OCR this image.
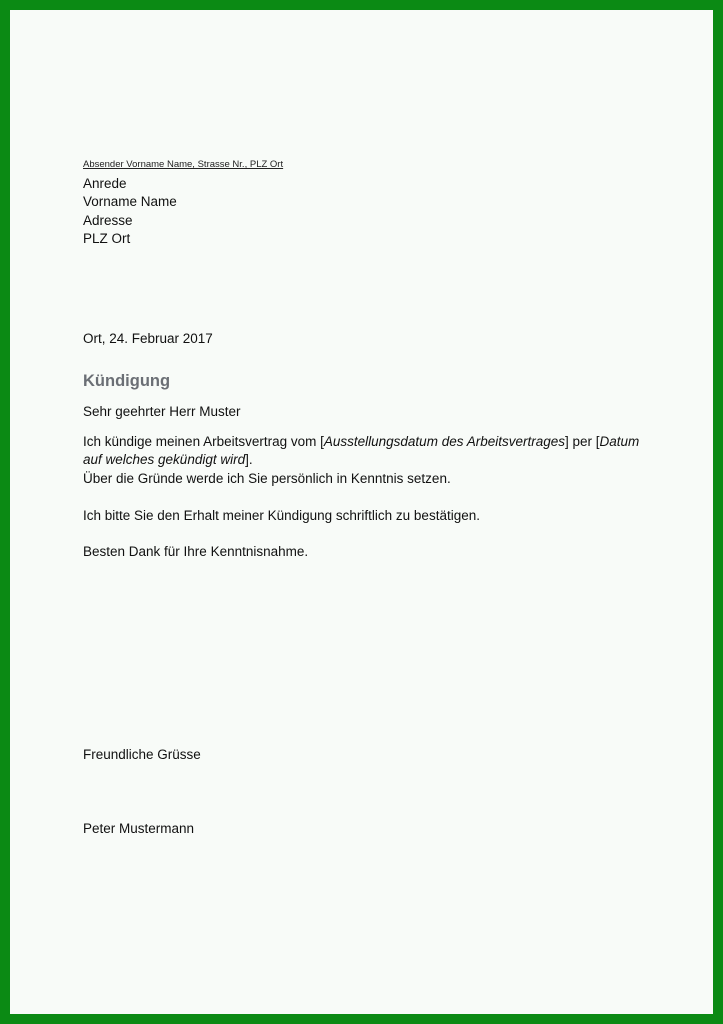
Absender Vorname Name, Strasse Nr., PLZ Ort
Anrede
Vorname Name
Adresse
PLZ Ort
Ort, 24. Februar 2017
Kündigung
Sehr geehrter Herr Muster
Ich kündige meinen Arbeitsvertrag vom [Ausstellungsdatum des Arbeitsvertrages] per [Datum
auf welches gekündigt wird].
Über die Gründe werde ich Sie persönlich in Kenntnis setzen.
Ich bitte Sie den Erhalt meiner Kündigung schriftlich zu bestätigen.
Besten Dank für Ihre Kenntnisnahme.
Freundliche Grüsse
Peter Mustermann
